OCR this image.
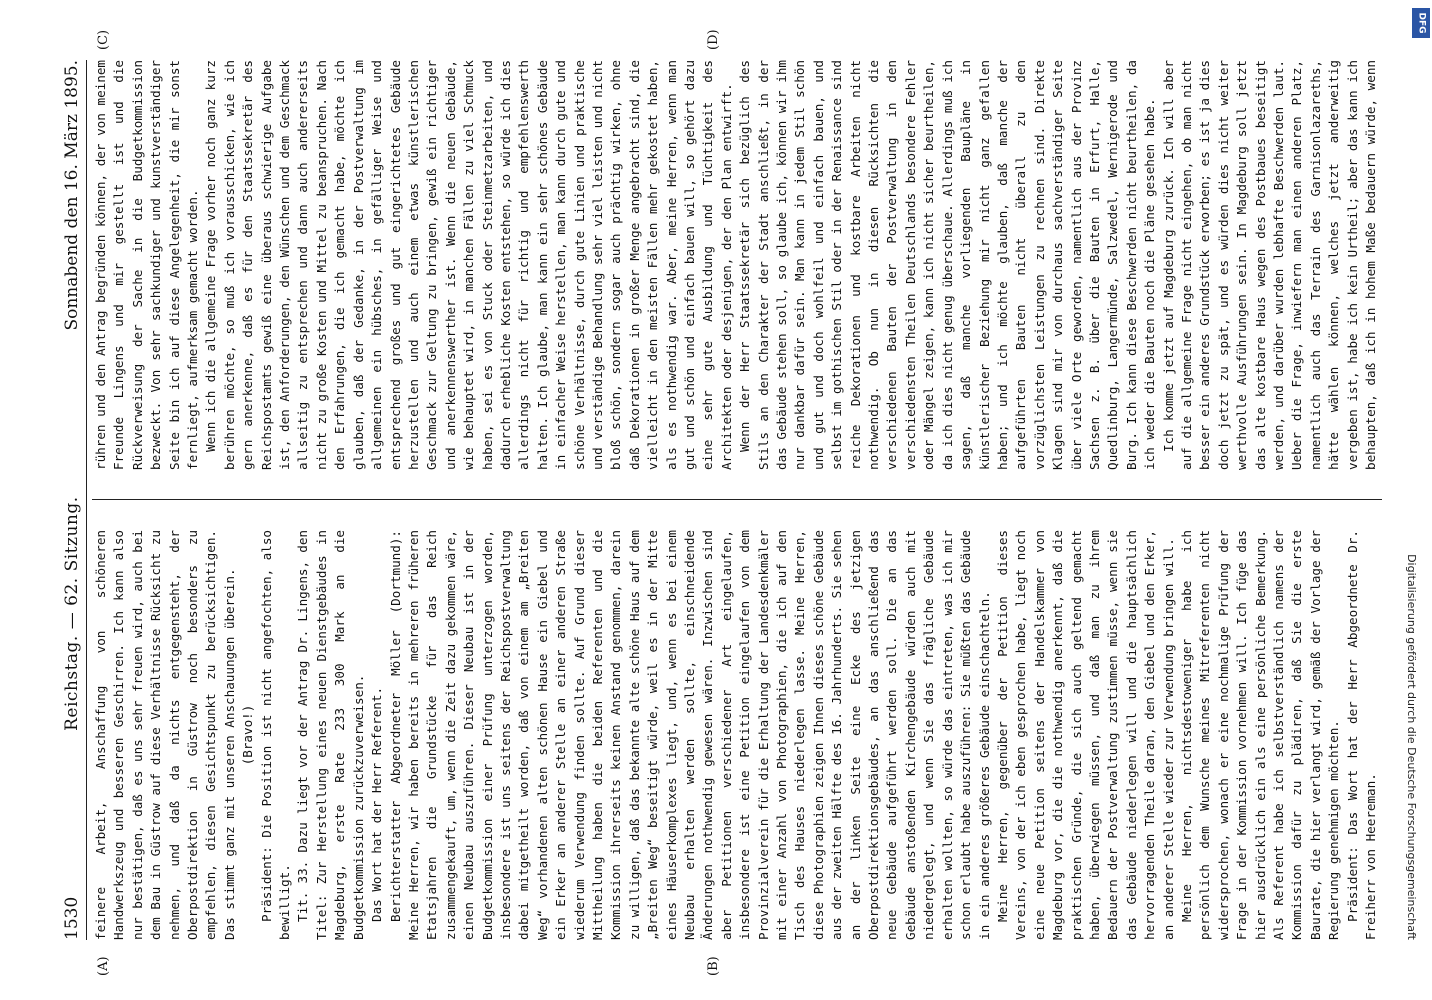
1530
Reichstag. — 62. Sitzung.
Sonnabend den 16. März 1895.
(A)	(B)
(C)	(D)

feinere Arbeit, Anschaffung von schöneren Handwerkszeug und besseren Geschirren. Ich kann also nur bestätigen, daß es uns sehr freuen wird, auch bei dem Bau in Güstrow auf diese Verhältnisse Rücksicht zu nehmen, und daß da nichts entgegensteht, der Oberpostdirektion in Güstrow noch besonders zu empfehlen, diesen Gesichtspunkt zu berücksichtigen. Das stimmt ganz mit unseren Anschauungen überein. (Bravo!) Präsident: Die Position ist nicht angefochten, also bewilligt. Tit. 33. Dazu liegt vor der Antrag Dr. Lingens, den Titel: Zur Herstellung eines neuen Dienstgebäudes in Magdeburg, erste Rate 233 300 Mark an die Budgetkommission zurückzuverweisen. Das Wort hat der Herr Referent. Berichterstatter Abgeordneter Möller (Dortmund): Meine Herren, wir haben bereits in mehreren früheren Etatsjahren die Grundstücke für das Reich zusammengekauft, um, wenn die Zeit dazu gekommen wäre, einen Neubau auszuführen. Dieser Neubau ist in der Budgetkommission einer Prüfung unterzogen worden, insbesondere ist uns seitens der Reichspostverwaltung dabei mitgetheilt worden, daß von einem am „Breiten Weg“ vorhandenen alten schönen Hause ein Giebel und ein Erker an anderer Stelle an einer anderen Straße wiederum Verwendung finden sollte. Auf Grund dieser Mittheilung haben die beiden Referenten und die Kommission ihrerseits keinen Anstand genommen, darein zu willigen, daß das bekannte alte schöne Haus auf dem „Breiten Weg“ beseitigt würde, weil es in der Mitte eines Häuserkomplexes liegt, und, wenn es bei einem Neubau erhalten werden sollte, einschneidende Änderungen nothwendig gewesen wären. Inzwischen sind aber Petitionen verschiedener Art eingelaufen, insbesondere ist eine Petition eingelaufen von dem Provinzialverein für die Erhaltung der Landesdenkmäler mit einer Anzahl von Photographien, die ich auf den Tisch des Hauses niederlegen lasse. Meine Herren, diese Photographien zeigen Ihnen dieses schöne Gebäude aus der zweiten Hälfte des 16. Jahrhunderts. Sie sehen an der linken Seite eine Ecke des jetzigen Oberpostdirektionsgebäudes, an das anschließend das neue Gebäude aufgeführt werden soll. Die an das Gebäude anstoßenden Kirchengebäude würden auch mit niedergelegt, und wenn Sie das frägliche Gebäude erhalten wollten, so würde das eintreten, was ich mir schon erlaubt habe auszuführen: Sie müßten das Gebäude in ein anderes größeres Gebäude einschachteln. Meine Herren, gegenüber der Petition dieses Vereins, von der ich eben gesprochen habe, liegt noch eine neue Petition seitens der Handelskammer von Magdeburg vor, die die nothwendig anerkennt, daß die praktischen Gründe, die sich auch geltend gemacht haben, überwiegen müssen, und daß man zu ihrem Bedauern der Postverwaltung zustimmen müsse, wenn sie das Gebäude niederlegen will und die hauptsächlich hervorragenden Theile daran, den Giebel und den Erker, an anderer Stelle wieder zur Verwendung bringen will. Meine Herren, nichtsdestoweniger habe ich persönlich dem Wunsche meines Mitreferenten nicht widersprochen, wonach er eine nochmalige Prüfung der Frage in der Kommission vornehmen will. Ich füge das hier ausdrücklich ein als eine persönliche Bemerkung. Als Referent habe ich selbstverständlich namens der Kommission dafür zu plädiren, daß Sie die erste Baurate, die hier verlangt wird, gemäß der Vorlage der Regierung genehmigen möchten. Präsident: Das Wort hat der Herr Abgeordnete Dr. Freiherr von Heereman.

rühren und den Antrag begründen können, der von meinem Freunde Lingens und mir gestellt ist und die Rückverweisung der Sache in die Budgetkommission bezweckt. Von sehr sachkundiger und kunstverständiger Seite bin ich auf diese Angelegenheit, die mir sonst fernliegt, aufmerksam gemacht worden. Wenn ich die allgemeine Frage vorher noch ganz kurz berühren möchte, so muß ich vorausschicken, wie ich gern anerkenne, daß es für den Staatssekretär des Reichspostamts gewiß eine überaus schwierige Aufgabe ist, den Anforderungen, den Wünschen und dem Geschmack allseitig zu entsprechen und dann auch andererseits nicht zu große Kosten und Mittel zu beanspruchen. Nach den Erfahrungen, die ich gemacht habe, möchte ich glauben, daß der Gedanke, in der Postverwaltung im allgemeinen ein hübsches, in gefälliger Weise und entsprechend großes und gut eingerichtetes Gebäude herzustellen und auch einem etwas künstlerischen Geschmack zur Geltung zu bringen, gewiß ein richtiger und anerkennenswerther ist. Wenn die neuen Gebäude, wie behauptet wird, in manchen Fällen zu viel Schmuck haben, sei es von Stuck oder Steinmetzarbeiten, und dadurch erhebliche Kosten entstehen, so würde ich dies allerdings nicht für richtig und empfehlenswerth halten. Ich glaube, man kann ein sehr schönes Gebäude in einfacher Weise herstellen, man kann durch gute und schöne Verhältnisse, durch gute Linien und praktische und verständige Behandlung sehr viel leisten und nicht bloß schön, sondern sogar auch prächtig wirken, ohne daß Dekorationen in großer Menge angebracht sind, die vielleicht in den meisten Fällen mehr gekostet haben, als es nothwendig war. Aber, meine Herren, wenn man gut und schön und einfach bauen will, so gehört dazu eine sehr gute Ausbildung und Tüchtigkeit des Architekten oder desjenigen, der den Plan entwirft. Wenn der Herr Staatssekretär sich bezüglich des Stils an den Charakter der Stadt anschließt, in der das Gebäude stehen soll, so glaube ich, können wir ihm nur dankbar dafür sein. Man kann in jedem Stil schön und gut und doch wohlfeil und einfach bauen, und selbst im gothischen Stil oder in der Renaissance sind reiche Dekorationen und kostbare Arbeiten nicht nothwendig. Ob nun in diesen Rücksichten die verschiedenen Bauten der Postverwaltung in den verschiedensten Theilen Deutschlands besondere Fehler oder Mängel zeigen, kann ich nicht sicher beurtheilen, da ich dies nicht genug überschaue. Allerdings muß ich sagen, daß manche vorliegenden Baupläne in künstlerischer Beziehung mir nicht ganz gefallen haben; und ich möchte glauben, daß manche der aufgeführten Bauten nicht überall zu den vorzüglichsten Leistungen zu rechnen sind. Direkte Klagen sind mir von durchaus sachverständiger Seite über viele Orte geworden, namentlich aus der Provinz Sachsen z. B. über die Bauten in Erfurt, Halle, Quedlinburg, Langermünde, Salzwedel, Wernigerode und Burg. Ich kann diese Beschwerden nicht beurtheilen, da ich weder die Bauten noch die Pläne gesehen habe. Ich komme jetzt auf Magdeburg zurück. Ich will aber auf die allgemeine Frage nicht eingehen, ob man nicht besser ein anderes Grundstück erworben; es ist ja dies doch jetzt zu spät, und es würden dies nicht weiter werthvolle Ausführungen sein. In Magdeburg soll jetzt das alte kostbare Haus wegen des Postbaues beseitigt werden, und darüber wurden lebhafte Beschwerden laut. Ueber die Frage, inwiefern man einen anderen Platz, namentlich auch das Terrain des Garnisonlazareths, hätte wählen können, welches jetzt anderweitig vergeben ist, habe ich kein Urtheil; aber das kann ich behaupten, daß ich in hohem Maße bedauern würde, wenn

DFG
Digitalisierung gefördert durch die Deutsche Forschungsgemeinschaft
